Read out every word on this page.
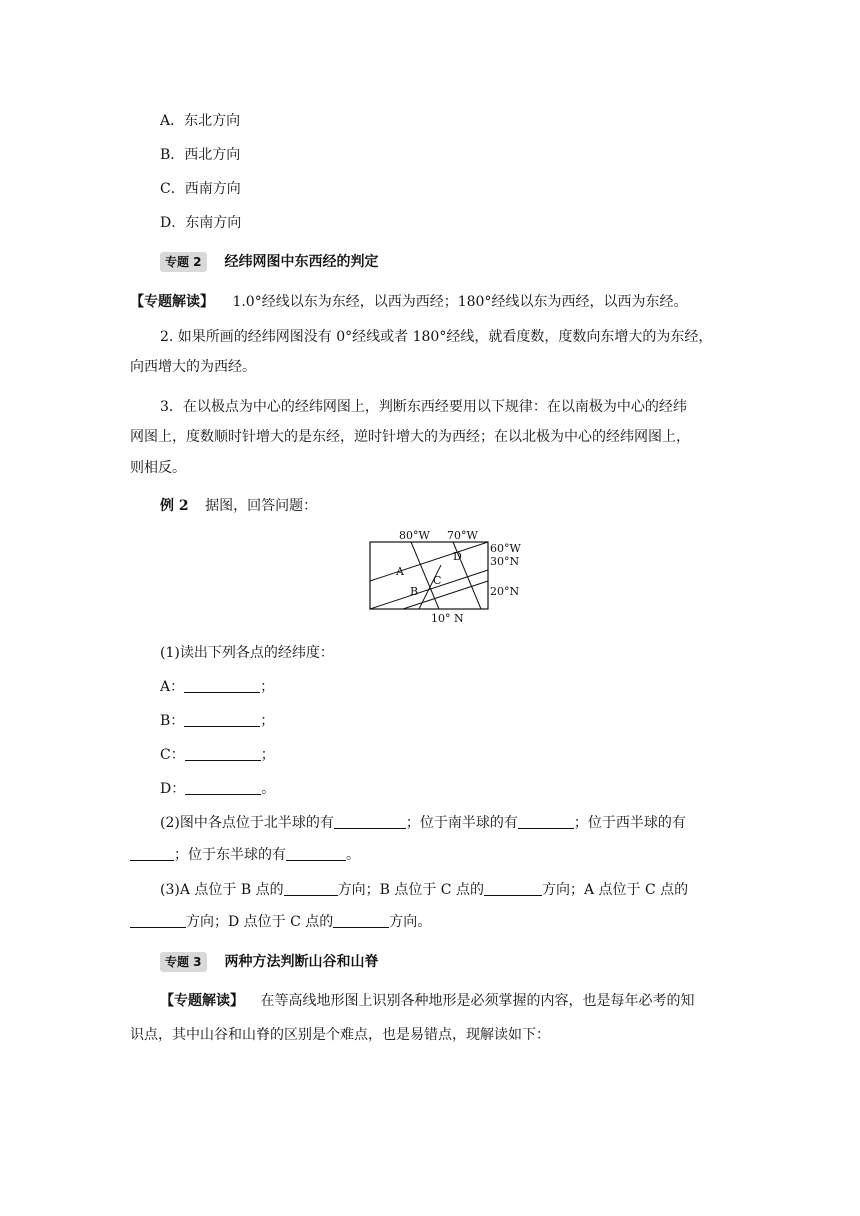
A．东北方向
B．西北方向
C．西南方向
D．东南方向
专题 2	经纬网图中东西经的判定
【专题解读】 1.0°经线以东为东经，以西为西经；180°经线以东为西经，以西为东经。
2. 如果所画的经纬网图没有 0°经线或者 180°经线，就看度数，度数向东增大的为东经，
向西增大的为西经。
3．在以极点为中心的经纬网图上，判断东西经要用以下规律：在以南极为中心的经纬
网图上，度数顺时针增大的是东经，逆时针增大的为西经；在以北极为中心的经纬网图上，
则相反。
例 2 据图，回答问题：
80°W 70°W
60°W
30°N
20°N
10° N
A
B
C
D
(1)读出下列各点的经纬度：
A：	；
B：	；
C：	；
D：	。
(2)图中各点位于北半球的有	；位于南半球的有	；位于西半球的有
；位于东半球的有	。
(3)A 点位于 B 点的	方向；B 点位于 C 点的	方向；A 点位于 C 点的
方向；D 点位于 C 点的	方向。
专题 3	两种方法判断山谷和山脊
【专题解读】 在等高线地形图上识别各种地形是必须掌握的内容，也是每年必考的知
识点，其中山谷和山脊的区别是个难点，也是易错点，现解读如下：
